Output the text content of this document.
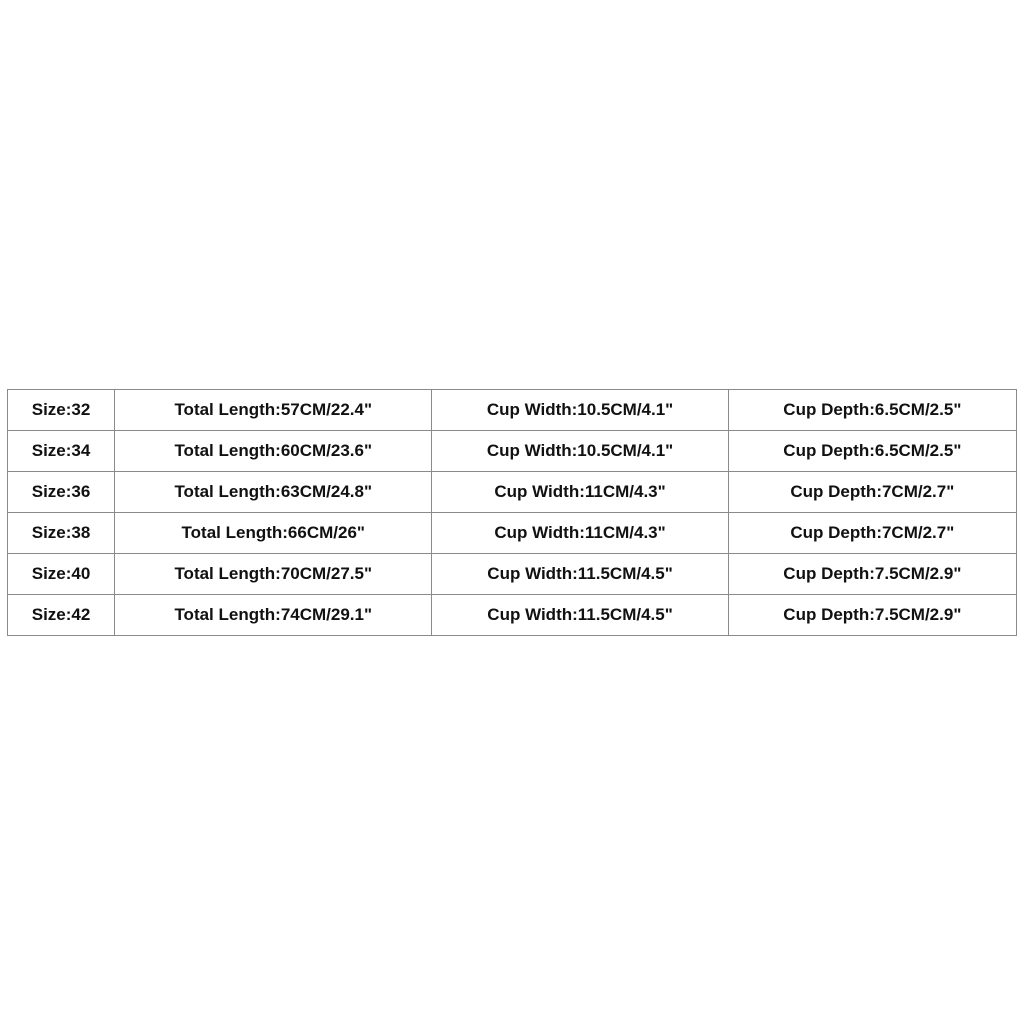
Size:32	Total Length:57CM/22.4"	Cup Width:10.5CM/4.1"	Cup Depth:6.5CM/2.5"
Size:34	Total Length:60CM/23.6"	Cup Width:10.5CM/4.1"	Cup Depth:6.5CM/2.5"
Size:36	Total Length:63CM/24.8"	Cup Width:11CM/4.3"	Cup Depth:7CM/2.7"
Size:38	Total Length:66CM/26"	Cup Width:11CM/4.3"	Cup Depth:7CM/2.7"
Size:40	Total Length:70CM/27.5"	Cup Width:11.5CM/4.5"	Cup Depth:7.5CM/2.9"
Size:42	Total Length:74CM/29.1"	Cup Width:11.5CM/4.5"	Cup Depth:7.5CM/2.9"
